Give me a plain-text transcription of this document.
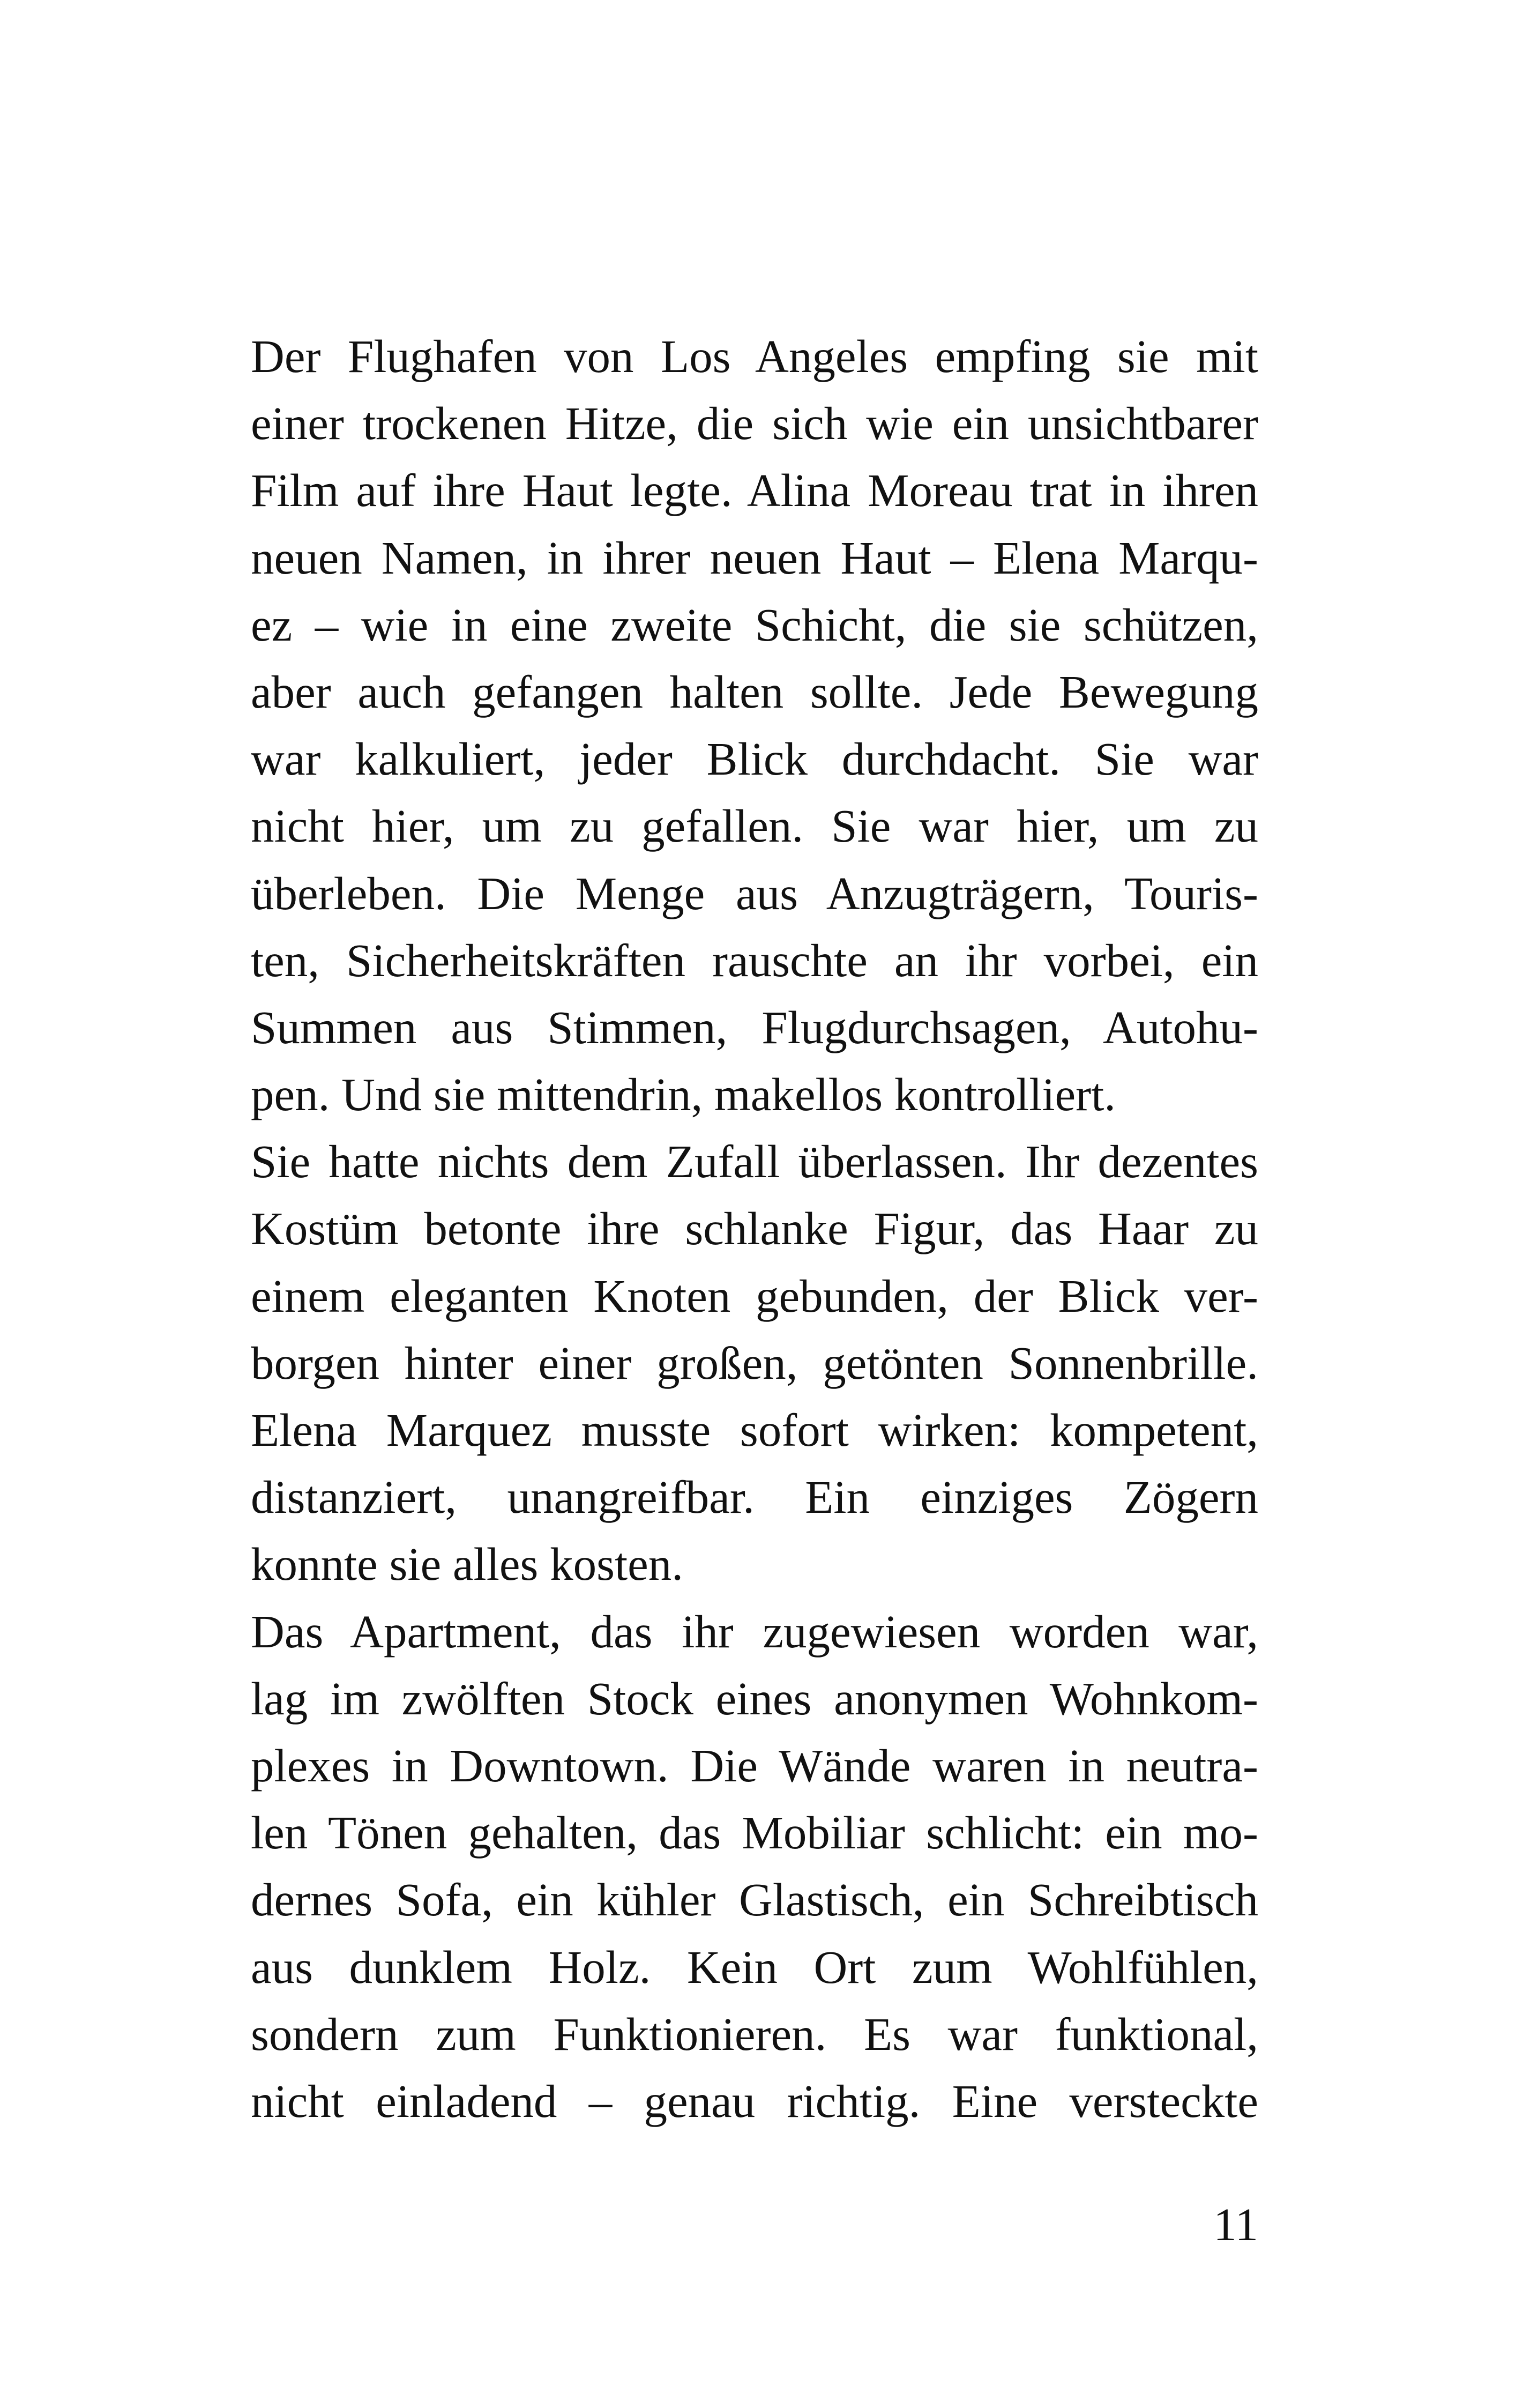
Der Flughafen von Los Angeles empfing sie mit
einer trockenen Hitze, die sich wie ein unsichtbarer
Film auf ihre Haut legte. Alina Moreau trat in ihren
neuen Namen, in ihrer neuen Haut – Elena Marqu-
ez – wie in eine zweite Schicht, die sie schützen,
aber auch gefangen halten sollte. Jede Bewegung
war kalkuliert, jeder Blick durchdacht. Sie war
nicht hier, um zu gefallen. Sie war hier, um zu
überleben. Die Menge aus Anzugträgern, Touris-
ten, Sicherheitskräften rauschte an ihr vorbei, ein
Summen aus Stimmen, Flugdurchsagen, Autohu-
pen. Und sie mittendrin, makellos kontrolliert.
Sie hatte nichts dem Zufall überlassen. Ihr dezentes
Kostüm betonte ihre schlanke Figur, das Haar zu
einem eleganten Knoten gebunden, der Blick ver-
borgen hinter einer großen, getönten Sonnenbrille.
Elena Marquez musste sofort wirken: kompetent,
distanziert, unangreifbar. Ein einziges Zögern
konnte sie alles kosten.
Das Apartment, das ihr zugewiesen worden war,
lag im zwölften Stock eines anonymen Wohnkom-
plexes in Downtown. Die Wände waren in neutra-
len Tönen gehalten, das Mobiliar schlicht: ein mo-
dernes Sofa, ein kühler Glastisch, ein Schreibtisch
aus dunklem Holz. Kein Ort zum Wohlfühlen,
sondern zum Funktionieren. Es war funktional,
nicht einladend – genau richtig. Eine versteckte
11
